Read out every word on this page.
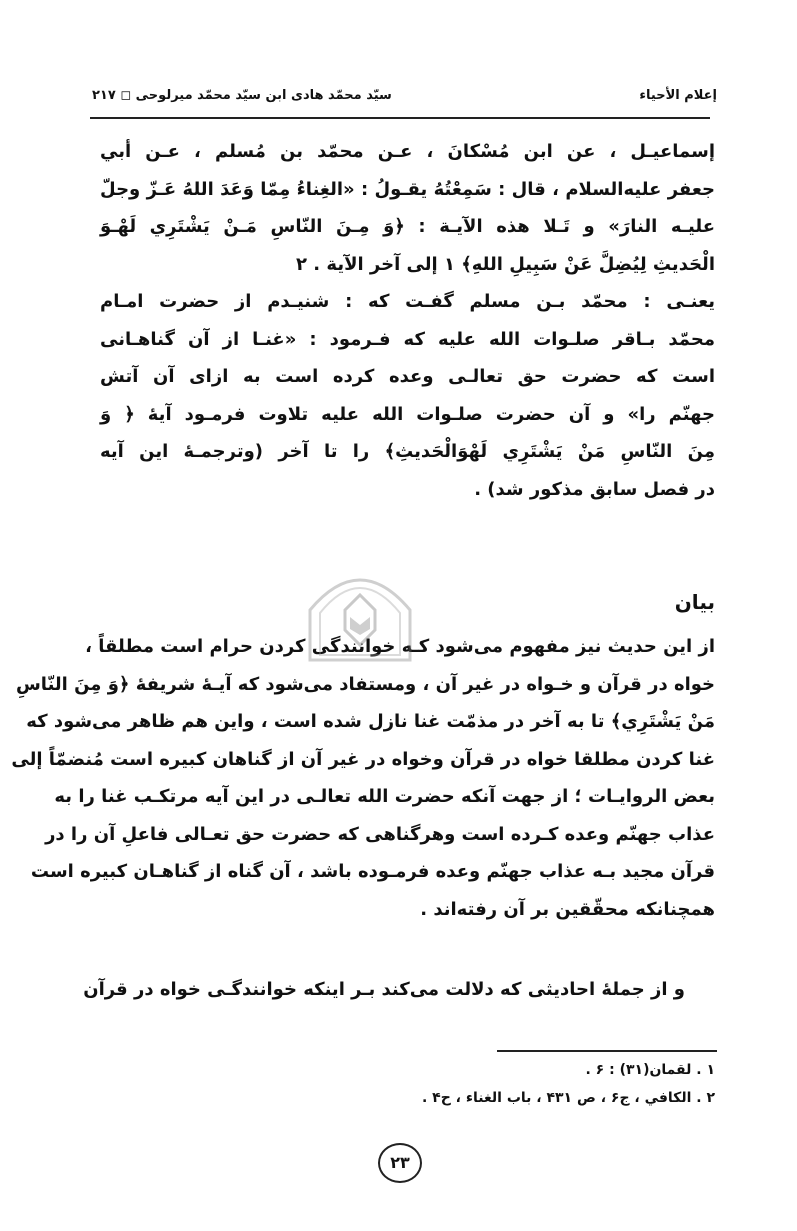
إعلام الأحياء
سيّد محمّد هادی ابن سيّد محمّد ميرلوحی ◻ ٢١٧
إسماعيـل ، عن ابن مُسْكانَ ، عـن محمّد بن مُسلم ، عـن أبي
جعفر عليه‌السلام ، قال : سَمِعْتُهُ يقـولُ : «الغِناءُ مِمّا وَعَدَ اللهُ عَـزّ وجلّ
عليـه النارَ» و تَـلا هذه الآيـة : ﴿وَ مِـنَ النّاسِ مَـنْ يَشْتَرِي لَهْـوَ
الْحَديثِ لِيُضِلَّ عَنْ سَبِيلِ اللهِ﴾ ١ إلى آخر الآية . ٢
يعنـی : محمّد بـن مسلم گفـت كه : شنيـدم از حضرت امـام
محمّد بـاقر صلـوات الله عليه كه فـرمود : «غنـا از آن گناهـانی
است كه حضرت حق تعالـی وعده كرده است به ازای آن آتش
جهنّم را» و آن حضرت صلـوات الله عليه تلاوت فرمـود آيۀ ﴿ وَ
مِنَ النّاسِ مَنْ يَشْتَرِي لَهْوَالْحَديثِ﴾ را تا آخر (وترجمـۀ اين آيه
در فصل سابق مذكور شد) .
از اين حديث نيز مفهوم می‌شود كـه خوانندگی كردن حرام است مطلقاً ،
خواه در قرآن و خـواه در غير آن ، ومستفاد می‌شود كه آيـۀ شريفۀ ﴿وَ مِنَ النّاسِ
مَنْ يَشْتَرِي﴾ تا به آخر در مذمّت غنا نازل شده است ، واين هم ظاهر می‌شود كه
غنا كردن مطلقا خواه در قرآن وخواه در غير آن از گناهان كبيره است مُنضمّاً إلى
بعض الروايـات ؛ از جهت آنكه حضرت الله تعالـی در اين آيه مرتكـب غنا را به
عذاب جهنّم وعده كـرده است وهرگناهی كه حضرت حق تعـالی فاعلِ آن را در
قرآن مجيد بـه عذاب جهنّم وعده فرمـوده باشد ، آن گناه از گناهـان كبيره است
همچنانكه محقّقين بر آن رفته‌اند .
و از جملۀ احاديثی كه دلالت می‌كند بـر اينكه خوانندگـی خواه در قرآن
بيان
١ . لقمان(٣١) : ۶ .
٢ . الكافي ، ج۶ ، ص ۴٣١ ، باب الغناء ، ح۴ .
٢٣
